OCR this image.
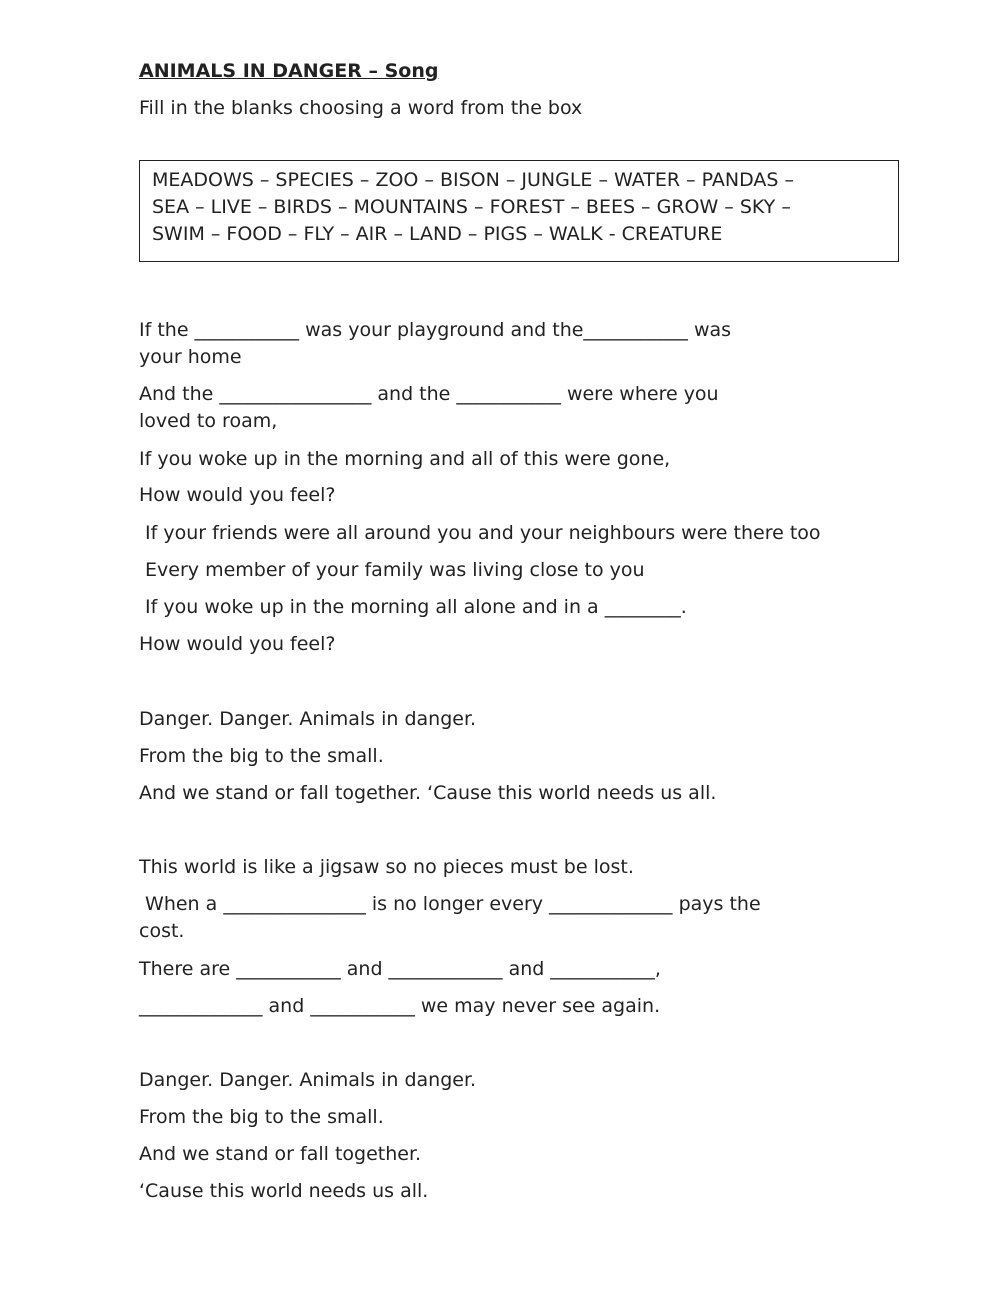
ANIMALS IN DANGER – Song
Fill in the blanks choosing a word from the box
MEADOWS – SPECIES – ZOO – BISON – JUNGLE – WATER – PANDAS –
SEA – LIVE – BIRDS – MOUNTAINS – FOREST – BEES – GROW – SKY –
SWIM – FOOD – FLY – AIR – LAND – PIGS – WALK - CREATURE
If the ___________ was your playground and the___________ was
your home
And the ________________ and the ___________ were where you
loved to roam,
If you woke up in the morning and all of this were gone,
How would you feel?
If your friends were all around you and your neighbours were there too
Every member of your family was living close to you
If you woke up in the morning all alone and in a ________.
How would you feel?
Danger. Danger. Animals in danger.
From the big to the small.
And we stand or fall together. ‘Cause this world needs us all.
This world is like a jigsaw so no pieces must be lost.
When a _______________ is no longer every _____________ pays the
cost.
There are ___________ and ____________ and ___________,
_____________ and ___________ we may never see again.
Danger. Danger. Animals in danger.
From the big to the small.
And we stand or fall together.
‘Cause this world needs us all.
